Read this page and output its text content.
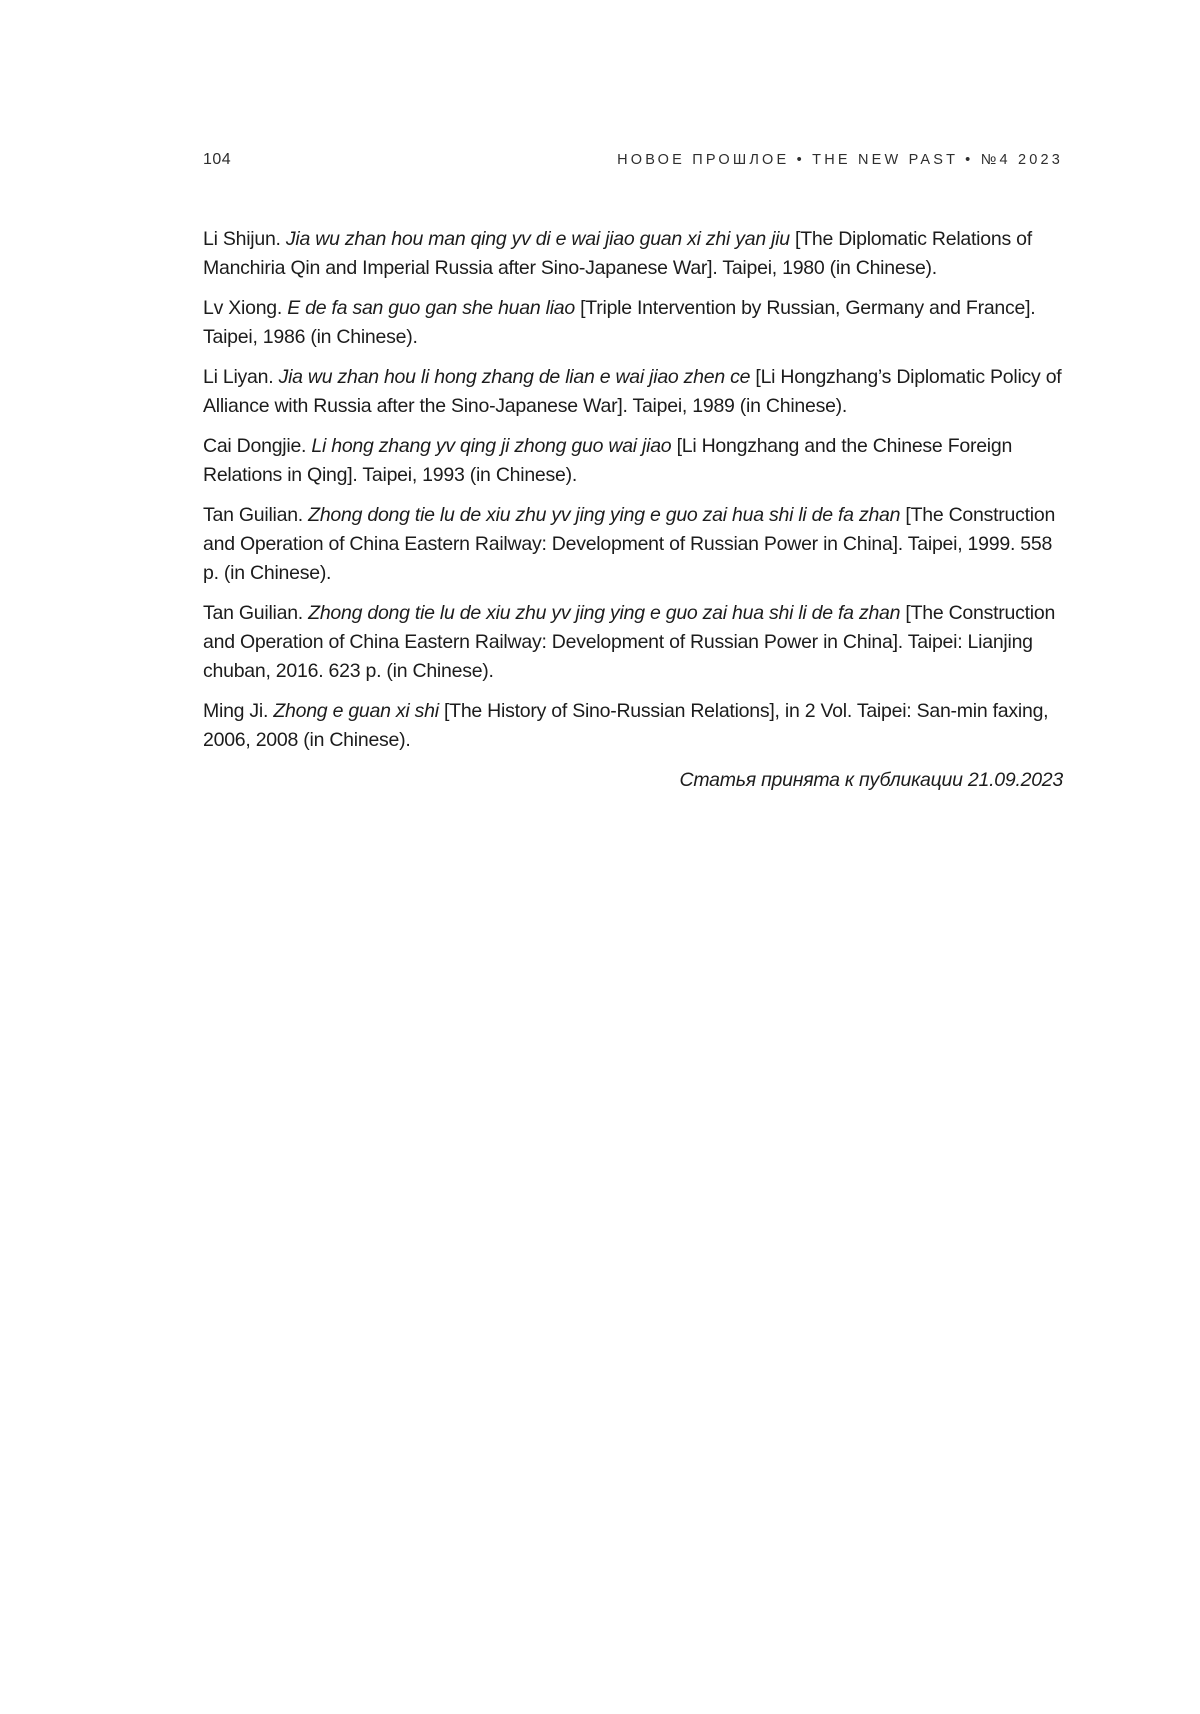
104	НОВОЕ ПРОШЛОЕ • THE NEW PAST • №4 2023

Li Shijun. Jia wu zhan hou man qing yv di e wai jiao guan xi zhi yan jiu [The Diplomatic Relations of Manchiria Qin and Imperial Russia after Sino-Japanese War]. Taipei, 1980 (in Chinese).

Lv Xiong. E de fa san guo gan she huan liao [Triple Intervention by Russian, Germany and France]. Taipei, 1986 (in Chinese).

Li Liyan. Jia wu zhan hou li hong zhang de lian e wai jiao zhen ce [Li Hongzhang’s Diplomatic Policy of Alliance with Russia after the Sino-Japanese War]. Taipei, 1989 (in Chinese).

Cai Dongjie. Li hong zhang yv qing ji zhong guo wai jiao [Li Hongzhang and the Chinese Foreign Relations in Qing]. Taipei, 1993 (in Chinese).

Tan Guilian. Zhong dong tie lu de xiu zhu yv jing ying e guo zai hua shi li de fa zhan [The Construction and Operation of China Eastern Railway: Development of Russian Power in China]. Taipei, 1999. 558 p. (in Chinese).

Tan Guilian. Zhong dong tie lu de xiu zhu yv jing ying e guo zai hua shi li de fa zhan [The Construction and Operation of China Eastern Railway: Development of Russian Power in China]. Taipei: Lianjing chuban, 2016. 623 p. (in Chinese).

Ming Ji. Zhong e guan xi shi [The History of Sino-Russian Relations], in 2 Vol. Taipei: San-min faxing, 2006, 2008 (in Chinese).

Статья принята к публикации 21.09.2023
